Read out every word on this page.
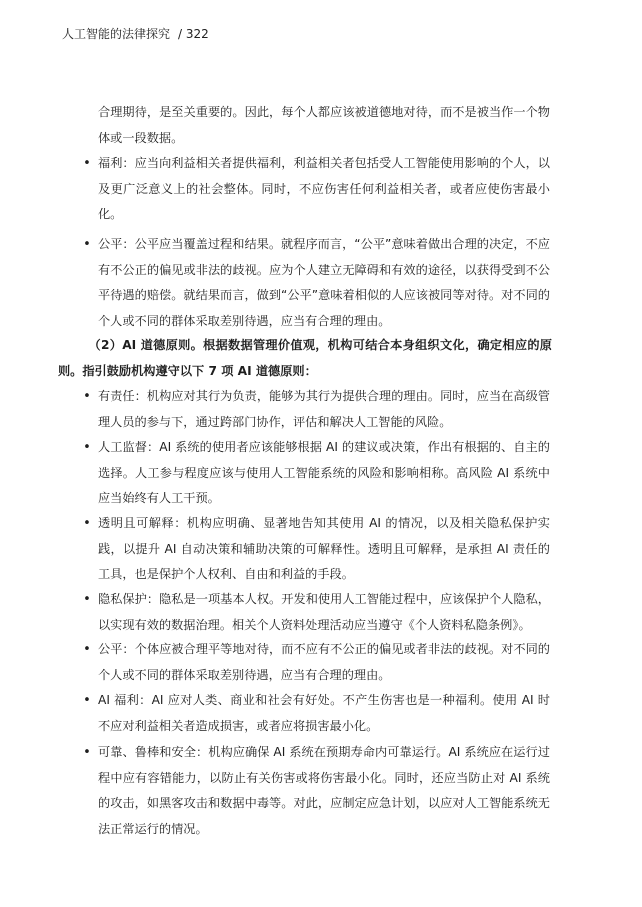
人工智能的法律探究 / 322
合理期待，是至关重要的。因此，每个人都应该被道德地对待，而不是被当作一个物体或一段数据。
• 福利：应当向利益相关者提供福利，利益相关者包括受人工智能使用影响的个人，以及更广泛意义上的社会整体。同时，不应伤害任何利益相关者，或者应使伤害最小化。
• 公平：公平应当覆盖过程和结果。就程序而言，“公平”意味着做出合理的决定，不应有不公正的偏见或非法的歧视。应为个人建立无障碍和有效的途径，以获得受到不公平待遇的赔偿。就结果而言，做到“公平”意味着相似的人应该被同等对待。对不同的个人或不同的群体采取差别待遇，应当有合理的理由。
（2）AI 道德原则。根据数据管理价值观，机构可结合本身组织文化，确定相应的原则。指引鼓励机构遵守以下 7 项 AI 道德原则：
• 有责任：机构应对其行为负责，能够为其行为提供合理的理由。同时，应当在高级管理人员的参与下，通过跨部门协作，评估和解决人工智能的风险。
• 人工监督：AI 系统的使用者应该能够根据 AI 的建议或决策，作出有根据的、自主的选择。人工参与程度应该与使用人工智能系统的风险和影响相称。高风险 AI 系统中应当始终有人工干预。
• 透明且可解释：机构应明确、显著地告知其使用 AI 的情况，以及相关隐私保护实践，以提升 AI 自动决策和辅助决策的可解释性。透明且可解释，是承担 AI 责任的工具，也是保护个人权利、自由和利益的手段。
• 隐私保护：隐私是一项基本人权。开发和使用人工智能过程中，应该保护个人隐私，以实现有效的数据治理。相关个人资料处理活动应当遵守《个人资料私隐条例》。
• 公平：个体应被合理平等地对待，而不应有不公正的偏见或者非法的歧视。对不同的个人或不同的群体采取差别待遇，应当有合理的理由。
• AI 福利：AI 应对人类、商业和社会有好处。不产生伤害也是一种福利。使用 AI 时不应对利益相关者造成损害，或者应将损害最小化。
• 可靠、鲁棒和安全：机构应确保 AI 系统在预期寿命内可靠运行。AI 系统应在运行过程中应有容错能力，以防止有关伤害或将伤害最小化。同时，还应当防止对 AI 系统的攻击，如黑客攻击和数据中毒等。对此，应制定应急计划，以应对人工智能系统无法正常运行的情况。
